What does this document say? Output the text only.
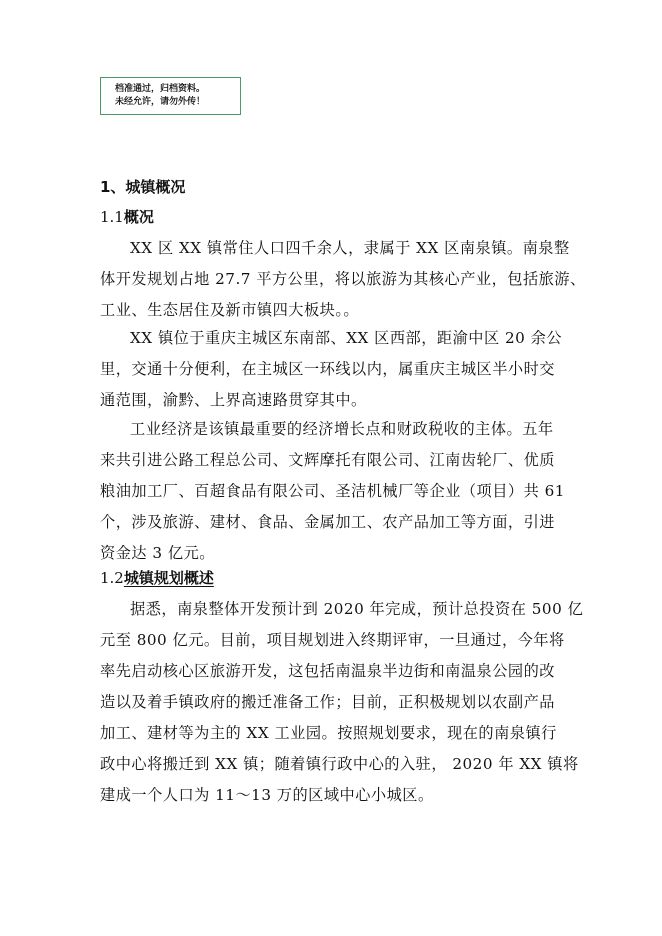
档准通过，归档资料。
未经允许，请勿外传！
1、城镇概况
1.1概况
XX 区 XX 镇常住人口四千余人，隶属于 XX 区南泉镇。南泉整
体开发规划占地 27.7 平方公里，将以旅游为其核心产业，包括旅游、
工业、生态居住及新市镇四大板块。。
XX 镇位于重庆主城区东南部、XX 区西部，距渝中区 20 余公
里，交通十分便利，在主城区一环线以内，属重庆主城区半小时交
通范围，渝黔、上界高速路贯穿其中。
工业经济是该镇最重要的经济增长点和财政税收的主体。五年
来共引进公路工程总公司、文辉摩托有限公司、江南齿轮厂、优质
粮油加工厂、百超食品有限公司、圣洁机械厂等企业（项目）共 61
个，涉及旅游、建材、食品、金属加工、农产品加工等方面，引进
资金达 3 亿元。
1.2城镇规划概述
据悉，南泉整体开发预计到 2020 年完成，预计总投资在 500 亿
元至 800 亿元。目前，项目规划进入终期评审，一旦通过，今年将
率先启动核心区旅游开发，这包括南温泉半边街和南温泉公园的改
造以及着手镇政府的搬迁准备工作；目前，正积极规划以农副产品
加工、建材等为主的 XX 工业园。按照规划要求，现在的南泉镇行
政中心将搬迁到 XX 镇；随着镇行政中心的入驻， 2020 年 XX 镇将
建成一个人口为 11～13 万的区域中心小城区。
